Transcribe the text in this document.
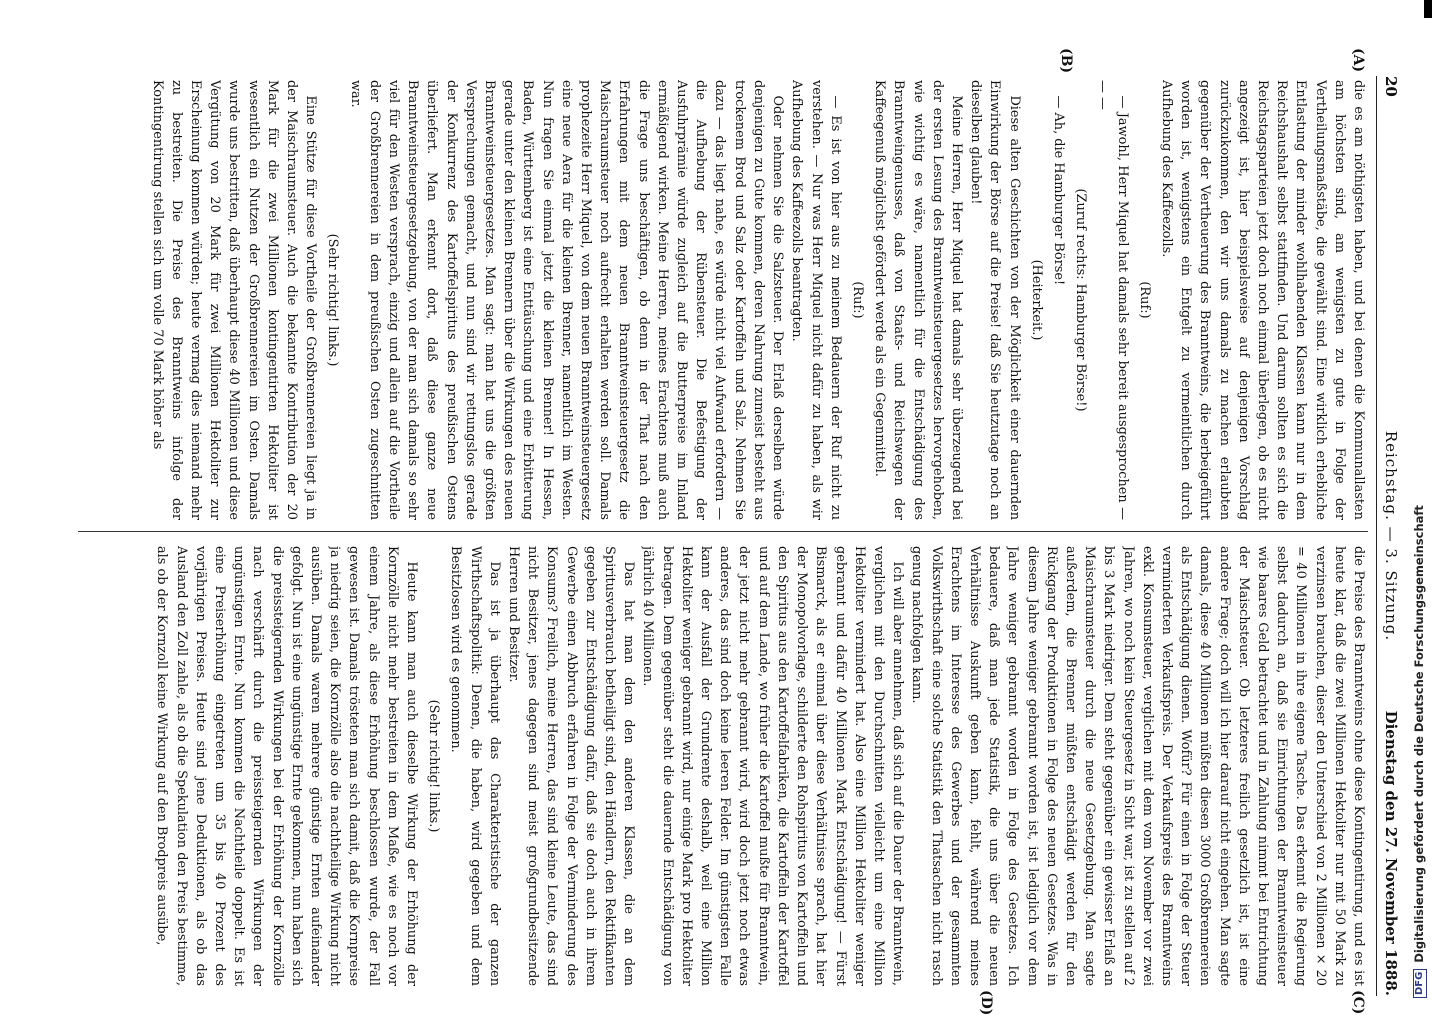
20
Reichstag. — 3. Sitzung.
Dienstag den 27. November 1888.
(A)
(B)
(C)
(D)

die es am nöthigsten haben, und bei denen die Kommunallasten am höchsten sind, am wenigsten zu gute in Folge der Vertheilungsmaßstäbe, die gewählt sind. Eine wirklich erhebliche Entlastung der minder wohlhabenden Klassen kann nur in dem Reichshaushalt selbst stattfinden. Und darum sollten es sich die Reichstagsparteien jetzt doch noch einmal überlegen, ob es nicht angezeigt ist, hier beispielsweise auf denjenigen Vorschlag zurückzukommen, den wir uns damals zu machen erlaubten gegenüber der Vertheuerung des Branntweins, die herbeigeführt worden ist, wenigstens ein Entgelt zu vermeintlichen durch Aufhebung des Kaffeezolls.

(Ruf:)

— Jawohl, Herr Miquel hat damals sehr bereit ausgesprochen — — —

(Zuruf rechts: Hamburger Börse!)

— Ah, die Hamburger Börse!

(Heiterkeit.)

Diese alten Geschichten von der Möglichkeit einer dauernden Einwirkung der Börse auf die Preise! daß Sie heutzutage noch an dieselben glauben!

Meine Herren, Herr Miquel hat damals sehr überzeugend bei der ersten Lesung des Branntweinsteuergesetzes hervorgehoben, wie wichtig es wäre, namentlich für die Entschädigung des Branntweingenusses, daß von Staats- und Reichswegen der Kaffeegenuß möglichst gefördert werde als ein Gegenmittel.

(Ruf:)

— Es ist von hier aus zu meinem Bedauern der Ruf nicht zu verstehen. — Nur was Herr Miquel nicht dafür zu haben, als wir Aufhebung des Kaffeezolls beantragten.

Oder nehmen Sie die Salzsteuer. Der Erlaß derselben würde denjenigen zu Gute kommen, deren Nahrung zumeist besteht aus trockenem Brod und Salz oder Kartoffeln und Salz. Nehmen Sie dazu — das liegt nahe, es würde nicht viel Aufwand erfordern — die Aufhebung der Rübensteuer. Die Befestigung der Ausfuhrprämie würde zugleich auf die Butterpreise im Inland ermäßigend wirken. Meine Herren, meines Erachtens muß auch die Frage uns beschäftigen, ob denn in der That nach den Erfahrungen mit dem neuen Branntweinsteuergesetz die Maischraumsteuer noch aufrecht erhalten werden soll. Damals prophezeite Herr Miquel, von dem neuen Branntweinsteuergesetz eine neue Aera für die kleinen Brenner, namentlich im Westen. Nun fragen Sie einmal jetzt die kleinen Brenner! In Hessen, Baden, Württemberg ist eine Enttäuschung und eine Erbitterung gerade unter den kleinen Brennern über die Wirkungen des neuen Branntweinsteuergesetzes. Man sagt: man hat uns die größten Versprechungen gemacht, und nun sind wir rettungslos gerade der Konkurrenz des Kartoffelspiritus des preußischen Ostens überliefert. Man erkennt dort, daß diese ganze neue Branntweinsteuergesetzgebung, von der man sich damals so sehr viel für den Westen versprach, einzig und allein auf die Vortheile der Großbrennereien in dem preußischen Osten zugeschnitten war.

(Sehr richtig! links.)

Eine Stütze für diese Vortheile der Großbrennereien liegt ja in der Maischraumsteuer. Auch die bekannte Kontribution der 20 Mark für die zwei Millionen kontingentirten Hektoliter ist wesentlich ein Nutzen der Großbrennereien im Osten. Damals wurde uns bestritten, daß überhaupt diese 40 Millionen und diese Vergütung von 20 Mark für zwei Millionen Hektoliter zur Erscheinung kommen würden; heute vermag dies niemand mehr zu bestreiten. Die Preise des Branntweins infolge der Kontingentirung stellen sich um volle 70 Mark höher als

die Preise des Branntweins ohne diese Kontingentirung, und es ist heute klar, daß die zwei Millionen Hektoliter nur mit 50 Mark zu verzinsen brauchen, dieser den Unterschied von 2 Millionen × 20 = 40 Millionen in ihre eigene Tasche. Das erkennt die Regierung selbst dadurch an, daß sie Einrichtungen der Branntweinsteuer wie baares Geld betrachtet und in Zahlung nimmt bei Entrichtung der Maischsteuer. Ob letzteres freilich gesetzlich ist, ist eine andere Frage; doch will ich hier darauf nicht eingehen. Man sagte damals, diese 40 Millionen müßten diesen 3000 Großbrennereien als Entschädigung dienen. Wofür? Für einen in Folge der Steuer verminderten Verkaufspreis. Der Verkaufspreis des Branntweins exkl. Konsumsteuer, verglichen mit dem vom November vor zwei Jahren, wo noch kein Steuergesetz in Sicht war, ist zu stellen auf 2 bis 3 Mark niedriger. Dem steht gegenüber ein gewisser Erlaß an Maischraumsteuer durch die neue Gesetzgebung. Man sagte außerdem, die Brenner müßten entschädigt werden für den Rückgang der Produktionen in Folge des neuen Gesetzes. Was in diesem Jahre weniger gebrannt worden ist, ist lediglich vor dem Jahre weniger gebrannt worden in Folge des Gesetzes. Ich bedauere, daß man jede Statistik, die uns über die neuen Verhältnisse Auskunft geben kann, fehlt, während meines Erachtens im Interesse des Gewerbes und der gesammten Volkswirthschaft eine solche Statistik den Thatsachen nicht rasch genug nachfolgen kann.

Ich will aber annehmen, daß sich auf die Dauer der Branntwein, verglichen mit den Durchschnitten vielleicht um eine Million Hektoliter vermindert hat. Also eine Million Hektoliter weniger gebrannt und dafür 40 Millionen Mark Entschädigung! — Fürst Bismarck, als er einmal über diese Verhältnisse sprach, hat hier der Monopolvorlage, schilderte den Rohspiritus von Kartoffeln und den Spiritus aus den Kartoffelfabriken, die Kartoffeln der Kartoffel und auf dem Lande, wo früher die Kartoffel mußte für Branntwein, der jetzt nicht mehr gebrannt wird, wird doch jetzt noch etwas anderes, das sind doch keine leeren Felder. Im günstigsten Falle kann der Ausfall der Grundrente deshalb, weil eine Million Hektoliter weniger gebrannt wird, nur einige Mark pro Hektoliter betragen. Dem gegenüber steht die dauernde Entschädigung von jährlich 40 Millionen.

Das hat man dem den anderen Klassen, die an dem Spiritusverbrauch betheiligt sind, den Händlern, den Rektifikanten gegeben zur Entschädigung dafür, daß sie doch auch in ihrem Gewerbe einen Abbruch erfahren in Folge der Verminderung des Konsums? Freilich, meine Herren, das sind kleine Leute, das sind nicht Besitzer, jenes dagegen sind meist großgrundbesitzende Herren und Besitzer.

Das ist ja überhaupt das Charakteristische der ganzen Wirthschaftspolitik: Denen, die haben, wird gegeben und dem Besitzlosen wird es genommen.

(Sehr richtig! links.)

Heute kann man auch dieselbe Wirkung der Erhöhung der Kornzölle nicht mehr bestreiten in dem Maße, wie es noch vor einem Jahre, als diese Erhöhung beschlossen wurde, der Fall gewesen ist. Damals trösteten man sich damit, daß die Kornpreise ja niedrig seien, die Kornzölle also die nachtheilige Wirkung nicht ausüben. Damals waren mehrere günstige Ernten aufeinander gefolgt. Nun ist eine ungünstige Ernte gekommen, nun haben sich die preissteigernden Wirkungen bei der Erhöhung der Kornzölle nach verschärft durch die preissteigernden Wirkungen der ungünstigen Ernte. Nun kommen die Nachtheile doppelt. Es ist eine Preiserhöhung eingetreten um 35 bis 40 Prozent des vorjährigen Preises. Heute sind jene Deduktionen, als ob das Ausland den Zoll zahle, als ob die Spekulation den Preis bestimme, als ob der Kornzoll keine Wirkung auf den Brodpreis ausübe,

DFGDigitalisierung gefördert durch die Deutsche Forschungsgemeinschaft
